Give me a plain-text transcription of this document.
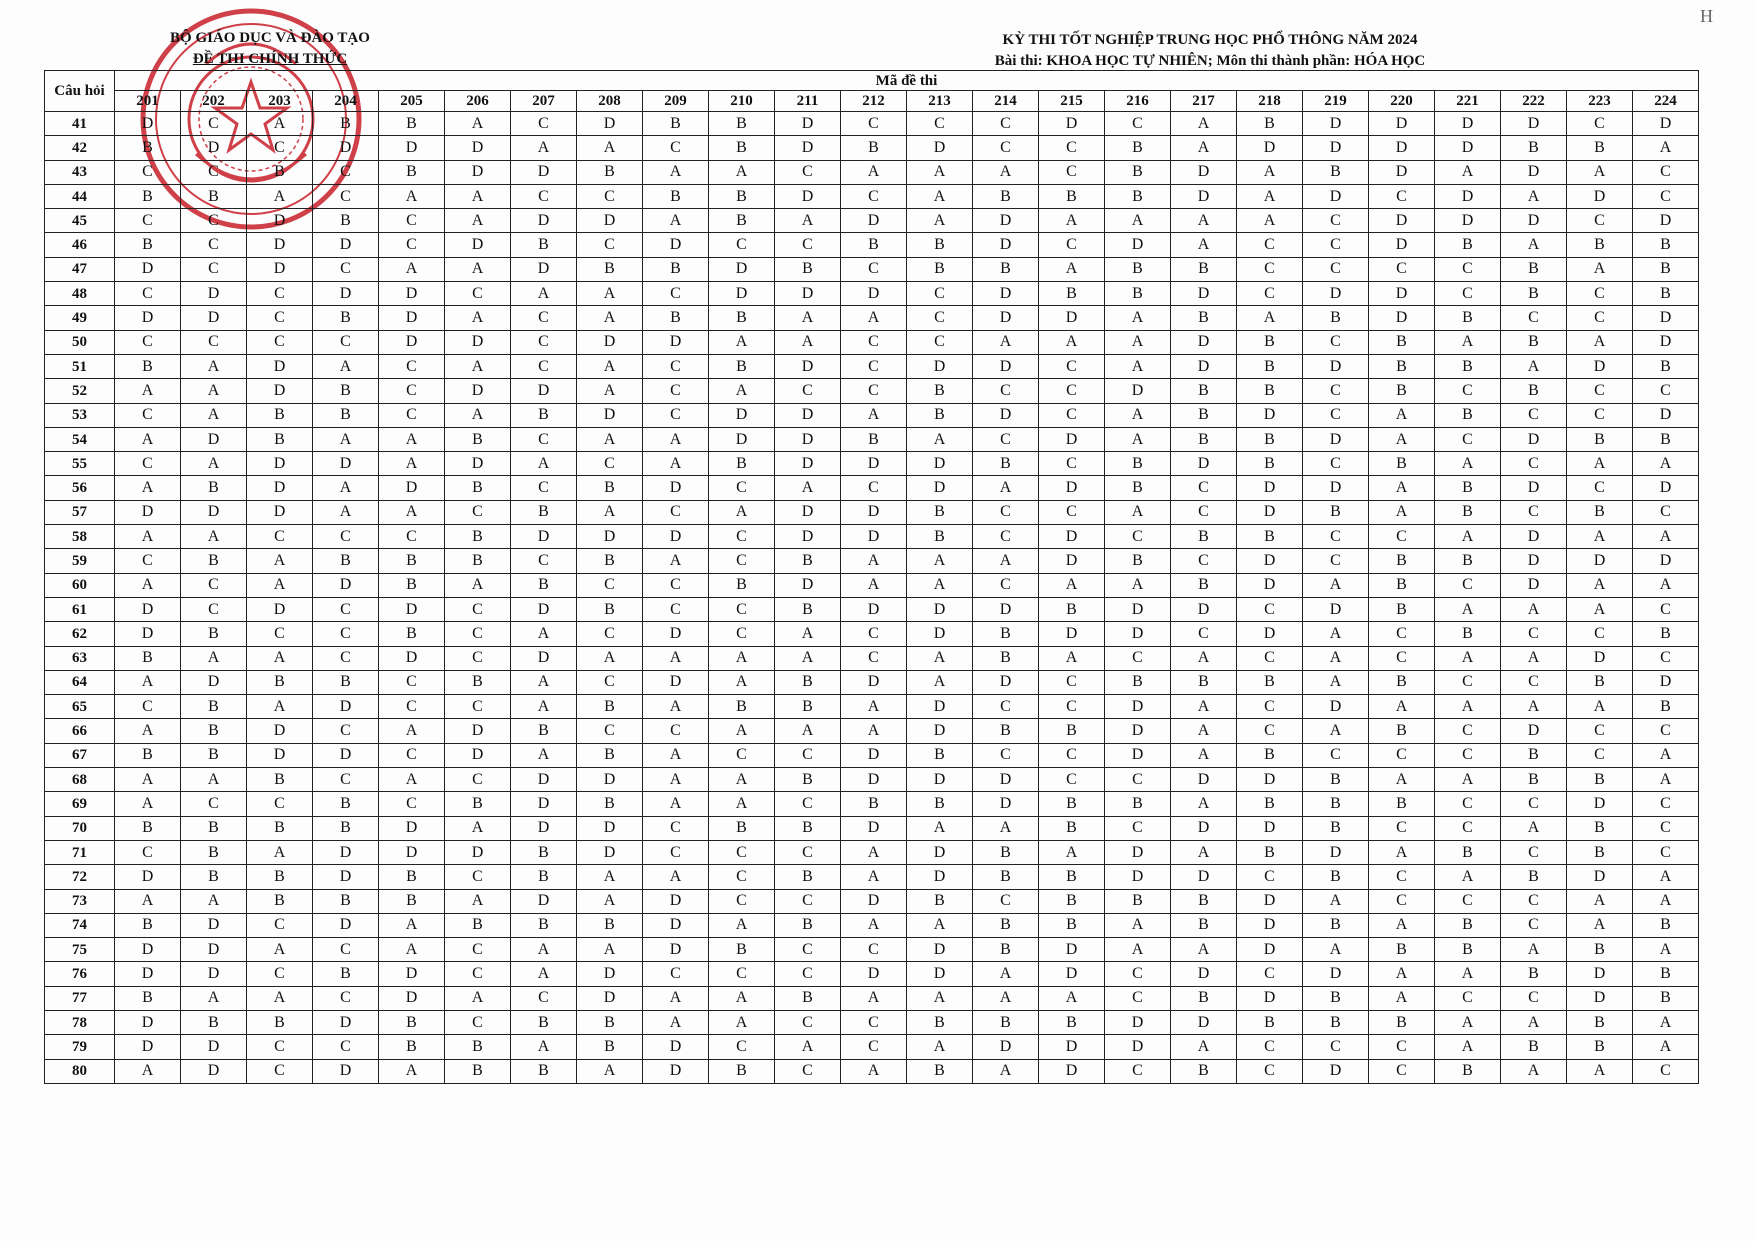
BỘ GIÁO DỤC VÀ ĐÀO TẠO
ĐỀ THI CHÍNH THỨC
KỲ THI TỐT NGHIỆP TRUNG HỌC PHỔ THÔNG NĂM 2024
Bài thi: KHOA HỌC TỰ NHIÊN; Môn thi thành phần: HÓA HỌC
H
Câu hỏi	Mã đề thi																							
	201	202	203	204	205	206	207	208	209	210	211	212	213	214	215	216	217	218	219	220	221	222	223	224
41	D	C	A	B	B	A	C	D	B	B	D	C	C	C	D	C	A	B	D	D	D	D	C	D
42	B	D	C	D	D	D	A	A	C	B	D	B	D	C	C	B	A	D	D	D	D	B	B	A
43	C	C	B	C	B	D	D	B	A	A	C	A	A	A	C	B	D	A	B	D	A	D	A	C
44	B	B	A	C	A	A	C	C	B	B	D	C	A	B	B	B	D	A	D	C	D	A	D	C
45	C	C	D	B	C	A	D	D	A	B	A	D	A	D	A	A	A	A	C	D	D	D	C	D
46	B	C	D	D	C	D	B	C	D	C	C	B	B	D	C	D	A	C	C	D	B	A	B	B
47	D	C	D	C	A	A	D	B	B	D	B	C	B	B	A	B	B	C	C	C	C	B	A	B
48	C	D	C	D	D	C	A	A	C	D	D	D	C	D	B	B	D	C	D	D	C	B	C	B
49	D	D	C	B	D	A	C	A	B	B	A	A	C	D	D	A	B	A	B	D	B	C	C	D
50	C	C	C	C	D	D	C	D	D	A	A	C	C	A	A	A	D	B	C	B	A	B	A	D
51	B	A	D	A	C	A	C	A	C	B	D	C	D	D	C	A	D	B	D	B	B	A	D	B
52	A	A	D	B	C	D	D	A	C	A	C	C	B	C	C	D	B	B	C	B	C	B	C	C
53	C	A	B	B	C	A	B	D	C	D	D	A	B	D	C	A	B	D	C	A	B	C	C	D
54	A	D	B	A	A	B	C	A	A	D	D	B	A	C	D	A	B	B	D	A	C	D	B	B
55	C	A	D	D	A	D	A	C	A	B	D	D	D	B	C	B	D	B	C	B	A	C	A	A
56	A	B	D	A	D	B	C	B	D	C	A	C	D	A	D	B	C	D	D	A	B	D	C	D
57	D	D	D	A	A	C	B	A	C	A	D	D	B	C	C	A	C	D	B	A	B	C	B	C
58	A	A	C	C	C	B	D	D	D	C	D	D	B	C	D	C	B	B	C	C	A	D	A	A
59	C	B	A	B	B	B	C	B	A	C	B	A	A	A	D	B	C	D	C	B	B	D	D	D
60	A	C	A	D	B	A	B	C	C	B	D	A	A	C	A	A	B	D	A	B	C	D	A	A
61	D	C	D	C	D	C	D	B	C	C	B	D	D	D	B	D	D	C	D	B	A	A	A	C
62	D	B	C	C	B	C	A	C	D	C	A	C	D	B	D	D	C	D	A	C	B	C	C	B
63	B	A	A	C	D	C	D	A	A	A	A	C	A	B	A	C	A	C	A	C	A	A	D	C
64	A	D	B	B	C	B	A	C	D	A	B	D	A	D	C	B	B	B	A	B	C	C	B	D
65	C	B	A	D	C	C	A	B	A	B	B	A	D	C	C	D	A	C	D	A	A	A	A	B
66	A	B	D	C	A	D	B	C	C	A	A	A	D	B	B	D	A	C	A	B	C	D	C	C
67	B	B	D	D	C	D	A	B	A	C	C	D	B	C	C	D	A	B	C	C	C	B	C	A
68	A	A	B	C	A	C	D	D	A	A	B	D	D	D	C	C	D	D	B	A	A	B	B	A
69	A	C	C	B	C	B	D	B	A	A	C	B	B	D	B	B	A	B	B	B	C	C	D	C
70	B	B	B	B	D	A	D	D	C	B	B	D	A	A	B	C	D	D	B	C	C	A	B	C
71	C	B	A	D	D	D	B	D	C	C	C	A	D	B	A	D	A	B	D	A	B	C	B	C
72	D	B	B	D	B	C	B	A	A	C	B	A	D	B	B	D	D	C	B	C	A	B	D	A
73	A	A	B	B	B	A	D	A	D	C	C	D	B	C	B	B	B	D	A	C	C	C	A	A
74	B	D	C	D	A	B	B	B	D	A	B	A	A	B	B	A	B	D	B	A	B	C	A	B
75	D	D	A	C	A	C	A	A	D	B	C	C	D	B	D	A	A	D	A	B	B	A	B	A
76	D	D	C	B	D	C	A	D	C	C	C	D	D	A	D	C	D	C	D	A	A	B	D	B
77	B	A	A	C	D	A	C	D	A	A	B	A	A	A	A	C	B	D	B	A	C	C	D	B
78	D	B	B	D	B	C	B	B	A	A	C	C	B	B	B	D	D	B	B	B	A	A	B	A
79	D	D	C	C	B	B	A	B	D	C	A	C	A	D	D	D	A	C	C	C	A	B	B	A
80	A	D	C	D	A	B	B	A	D	B	C	A	B	A	D	C	B	C	D	C	B	A	A	C
